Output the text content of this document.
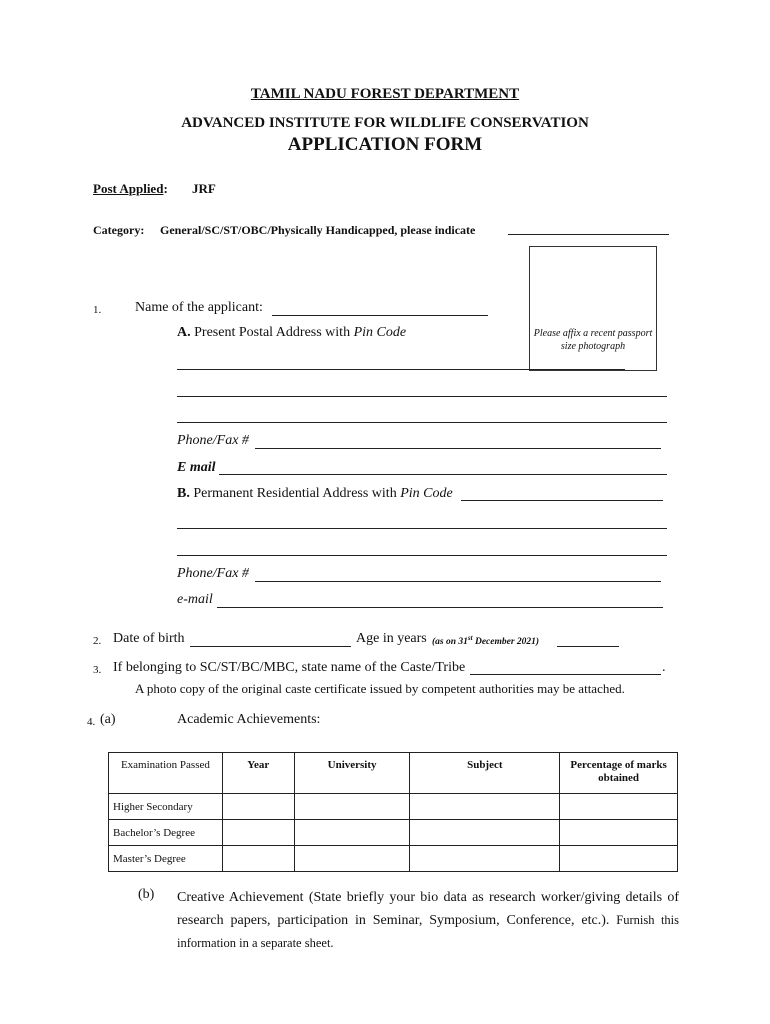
TAMIL NADU FOREST DEPARTMENT
ADVANCED INSTITUTE FOR WILDLIFE CONSERVATION
APPLICATION FORM
Post Applied: JRF
Category: General/SC/ST/OBC/Physically Handicapped, please indicate
Please affix a recent passport size photograph
1. Name of the applicant:
A. Present Postal Address with Pin Code
Phone/Fax #
E mail
B. Permanent Residential Address with Pin Code
Phone/Fax #
e-mail
2. Date of birth	Age in years (as on 31st December 2021)
3. If belonging to SC/ST/BC/MBC, state name of the Caste/Tribe	.
A photo copy of the original caste certificate issued by competent authorities may be attached.
4. (a)	Academic Achievements:
Examination Passed	Year	University	Subject	Percentage of marks obtained
Higher Secondary				
Bachelor’s Degree				
Master’s Degree				
(b) Creative Achievement (State briefly your bio data as research worker/giving details of research papers, participation in Seminar, Symposium, Conference, etc.). Furnish this information in a separate sheet.
